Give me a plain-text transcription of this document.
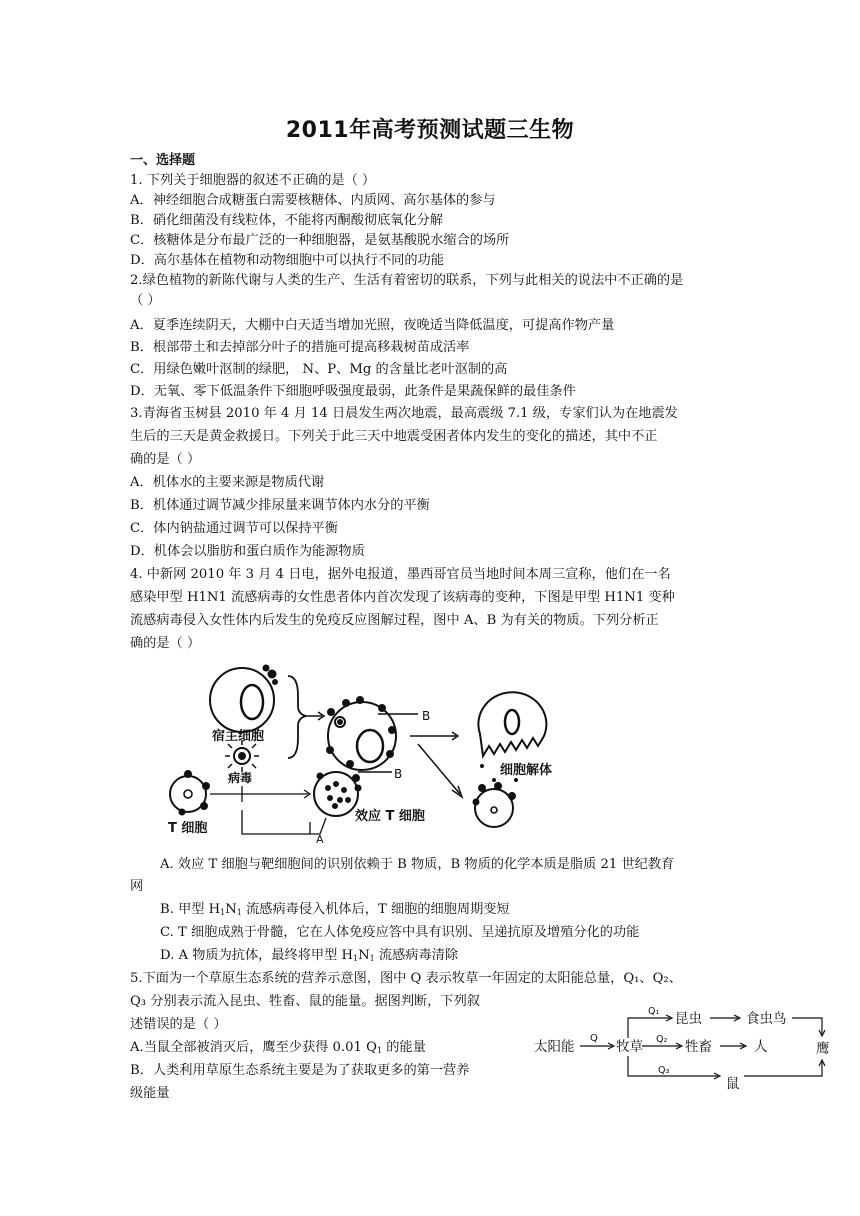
2011年高考预测试题三生物
一、选择题
1. 下列关于细胞器的叙述不正确的是（ ）
A．神经细胞合成糖蛋白需要核糖体、内质网、高尔基体的参与
B．硝化细菌没有线粒体，不能将丙酮酸彻底氧化分解
C．核糖体是分布最广泛的一种细胞器，是氨基酸脱水缩合的场所
D．高尔基体在植物和动物细胞中可以执行不同的功能
2.绿色植物的新陈代谢与人类的生产、生活有着密切的联系，下列与此相关的说法中不正确的是
（ ）
A．夏季连续阴天，大棚中白天适当增加光照，夜晚适当降低温度，可提高作物产量
B．根部带土和去掉部分叶子的措施可提高移栽树苗成活率
C．用绿色嫩叶沤制的绿肥， N、P、Mg 的含量比老叶沤制的高
D．无氧、零下低温条件下细胞呼吸强度最弱，此条件是果蔬保鲜的最佳条件
3.青海省玉树县 2010 年 4 月 14 日晨发生两次地震，最高震级 7.1 级，专家们认为在地震发
生后的三天是黄金救援日。下列关于此三天中地震受困者体内发生的变化的描述，其中不正
确的是（ ）
A．机体水的主要来源是物质代谢
B．机体通过调节减少排尿量来调节体内水分的平衡
C．体内钠盐通过调节可以保持平衡
D．机体会以脂肪和蛋白质作为能源物质
4. 中新网 2010 年 3 月 4 日电，据外电报道，墨西哥官员当地时间本周三宣称，他们在一名
感染甲型 H1N1 流感病毒的女性患者体内首次发现了该病毒的变种，下图是甲型 H1N1 变种
流感病毒侵入女性体内后发生的免疫反应图解过程，图中 A、B 为有关的物质。下列分析正
确的是（ ）
宿主细胞
病毒
B
B
效应 T 细胞
T 细胞
A
细胞解体
A. 效应 T 细胞与靶细胞间的识别依赖于 B 物质，B 物质的化学本质是脂质 21 世纪教育
网
B. 甲型 $H_1N_1$ 流感病毒侵入机体后，T 细胞的细胞周期变短
C. T 细胞成熟于骨髓，它在人体免疫应答中具有识别、呈递抗原及增殖分化的功能
D. A 物质为抗体，最终将甲型 $H_1N_1$ 流感病毒清除
5.下面为一个草原生态系统的营养示意图，图中 Q 表示牧草一年固定的太阳能总量，Q₁、Q₂、
Q₃ 分别表示流入昆虫、牲畜、鼠的能量。据图判断，下列叙
述错误的是（ ）
A.当鼠全部被消灭后，鹰至少获得 0.01 $Q_1$ 的能量
B．人类利用草原生态系统主要是为了获取更多的第一营养
级能量
太阳能
Q
牧草
Q₁ 昆虫	食虫鸟
Q₂ 牲畜	人	鹰
Q₃
鼠
